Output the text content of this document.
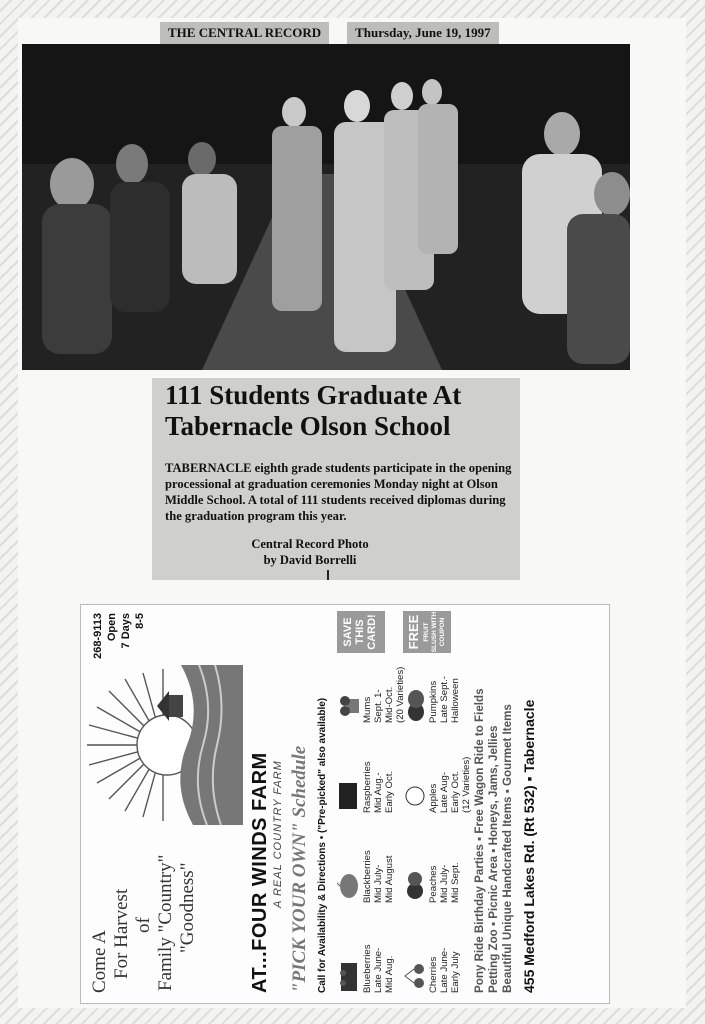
THE CENTRAL RECORD	Thursday, June 19, 1997
111 Students Graduate At
Tabernacle Olson School

TABERNACLE eighth grade students participate in the opening processional at graduation ceremonies Monday night at Olson Middle School. A total of 111 students received diplomas during the graduation program this year.

Central Record Photo
by David Borrelli
Come A For Harvest of Family "Country" "Goodness"
268-9113 Open 7 Days 8-5
AT...FOUR WINDS FARM A REAL COUNTRY FARM "PICK YOUR OWN" Schedule Call for Availability & Directions • ("Pre-picked" also available)	Blueberries Late June- Mid Aug.
Blackberries Mid July- Mid August
Raspberries Mid Aug.- Early Oct.
Cherries Late June- Early July
Peaches Mid July- Mid Sept.
Apples Late Aug- Early Oct. (12 Varieties)
Mums Sept. 1- Mid-Oct. (20 Varieties) Pumpkins Late Sept.- Halloween
SAVE THIS CARD! FREE FRUIT SLUSH WITH COUPON
Pony Ride Birthday Parties ▪ Free Wagon Ride to Fields Petting Zoo ▪ Picnic Area ▪ Honeys, Jams, Jellies Beautiful Unique Handcrafted Items ▪ Gourmet Items 455 Medford Lakes Rd. (Rt 532) ▪ Tabernacle
